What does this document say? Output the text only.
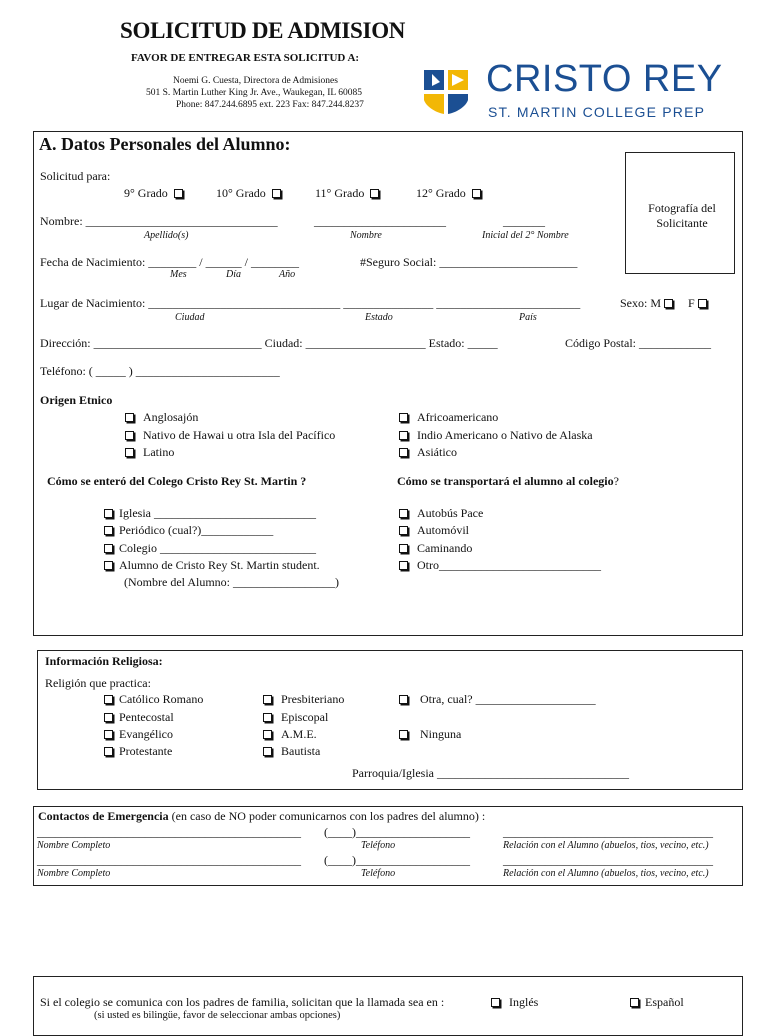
SOLICITUD DE ADMISION
FAVOR DE ENTREGAR ESTA SOLICITUD A:
Noemi G. Cuesta, Directora de Admisiones
501 S. Martin Luther King Jr. Ave., Waukegan, IL 60085
Phone: 847.244.6895 ext. 223 Fax: 847.244.8237
CRISTO REY
ST. MARTIN COLLEGE PREP
A. Datos Personales del Alumno:
Fotografía del Solicitante
Solicitud para:
9° Grado	10° Grado	11° Grado	12° Grado
Nombre: ________________________________	______________________	_______
Apellido(s)	Nombre	Inicial del 2° Nombre
Fecha de Nacimiento: ________ / ______ / ________	#Seguro Social: _______________________
Mes	Día	Año
Lugar de Nacimiento: ________________________________ _______________ ________________________	Sexo: M F
Ciudad	Estado	País
Dirección: ____________________________ Ciudad: ____________________ Estado: _____	Código Postal: ____________
Teléfono: ( _____ ) ________________________
Origen Etnico
Anglosajón
Nativo de Hawai u otra Isla del Pacífico
Latino
Africoamericano
Indio Americano o Nativo de Alaska
Asiático
Cómo se enteró del Colego Cristo Rey St. Martin ?	Cómo se transportará el alumno al colegio?
Iglesia ___________________________
Periódico (cual?)____________
Colegio __________________________
Alumno de Cristo Rey St. Martin student.
(Nombre del Alumno: _________________)
Autobús Pace
Automóvil
Caminando
Otro___________________________
Información Religiosa:
Religión que practica:
Católico Romano
Pentecostal
Evangélico
Protestante
Presbiteriano
Episcopal
A.M.E.
Bautista
Otra, cual? ____________________
Ninguna
Parroquia/Iglesia ________________________________
Contactos de Emergencia (en caso de NO poder comunicarnos con los padres del alumno) :
____________________________________________ (____)___________________	___________________________________
Nombre Completo	Teléfono	Relación con el Alumno (abuelos, tios, vecino, etc.)
____________________________________________ (____)___________________	___________________________________
Nombre Completo	Teléfono	Relación con el Alumno (abuelos, tios, vecino, etc.)
Si el colegio se comunica con los padres de familia, solicitan que la llamada sea en :	Inglés	Español
(si usted es bilingüe, favor de seleccionar ambas opciones)
